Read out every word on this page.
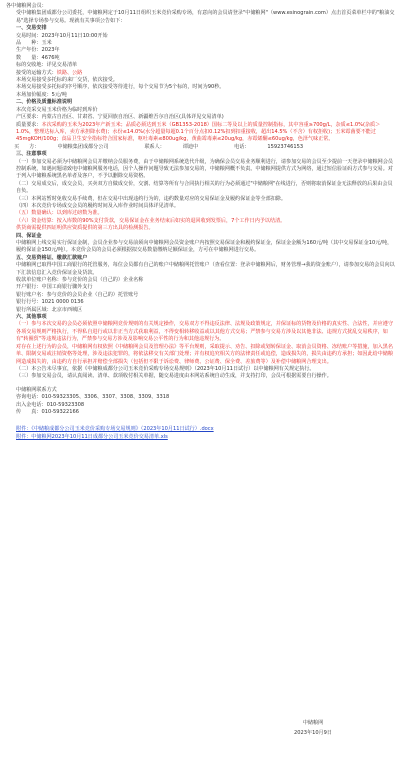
各中储粮网会员：

受中储粮集团成都分公司委托，中储粮网定于10月11日组织玉米竞价采购专场，有意向的会员请登录"中储粮网"（www.esinograin.com）点击首页菜单栏中的"粮油交易"选择专场参与交易。现就有关事项公告如下：

一、交易安排

交易时间： 2023年10月11日10:00开始
品　　种： 玉米
生产年份： 2023年
数　　量： 4676吨
标的交收地： 详见交易清单
接受的运输方式： 铁路、公路

本场交易接受多托标的来厂交货，依次接受。

本场交易接受多托标的序号顺序，依次接受等待进行，每个交易节为5个标的，时间为90秒。

本场加价幅度： 5元/吨

二、价格及质量标准说明

本次竞采交易玉米价格为临时到库价

产区要求：内蒙古自治区、甘肃省、宁夏回族自治区、新疆维吾尔自治区(具体详见交易清单)

质量要求：本次采购的玉米为2023年产新玉米；品质必须达到玉米（GB1353-2018）国标二等及以上的质量控制指标，其中容重≥700g/L，杂质≤1.0%(杂质＞1.0%，整理达标入库，卖方承担降水费)；水份≤14.0%(水分超量每超0.1个百分点扣0.12%扣到扣重接收，超出14.5%（不含）有权拒收)；玉米霉菌要不能过45mgKOH/100g；食品卫生安全指标符合国家标准，呕吐毒素≤800ug/kg，黄曲霉毒素≤20ug/kg，赤霉烯酮≤60ug/kg，色泽气味正常。

买　　方：	中储粮集团成都分公司	联系人：	谭迪中	电话：	15923746153

三、注意事项

（一）参加交易必须为中储粮网会员并缴纳会员服务费，由于中储粮网系统迭代升级，为确保会员交易业务顺利进行，请参加交易的会员至少提前一天登录中储粮网会员控制系统，如遇问题请致电中储粮网服务电话，因个人操作问题导致无法参加交易的，中储粮网概不负责。中储粮网提供方式为网络，通过短信验证码方式参与交易。对于列入中储粮系统黑名单者及客户，不予以删除交易资格。

（二）交易成交后，成交会员，买卖双方自做成交价，交割、结算等所有与合同执行相关的行为必须通过"中储粮网"在线进行，否则将取消保证金无法释放的后果由会员自负。

（三）本网站暂时免收交易手续费，但在交易中出现违约行为的，违约数量对应的交易保证金及履约保证金等全部扣除。

（四）本次竞价专场成交会员的履约时间及入库作业时间具体详见清单。

（五）数量确认：以到库过磅数为准。

（六）资金结算：按入库数的90%支付货款，交易保证金在业务结束后如实的退回收到发票后，7个工作日内予以结清。

供货商需提供四证明供应资质提供的第三方出具的检测报告。

四、保证金

中储粮网上线交易实行保证金制，会员企业参与交易前须向中储粮网会员资金账户内按照交易保证金和履约保证金，保证金金额为160元/吨（其中交易保证金10元/吨，履约保证金150元/吨）。本竞价会员的会员必须根据拟交易数量缴纳足额保证金，方可在中储粮网进行交易。

五、交易资格证、缴款汇款账户

中储粮网已取得中国工商银行的托管服务，每位会员都有自己的账户中储粮网托管账户（查看位置：登录中储粮网后，财务管理→我的资金账户），请参加交易的会员向以下汇款信息汇入竞价保证金及货款。

收款单位账户名称：参与竞价的会员（自己的）企业名称

开户银行：中国工商银行骤外支行

银行账户名：参与竞价的会员企业（自己的）托管账号

银行行号：1021 0000 0136

银行所属区域：北京市西城区

六、其他事项

（一）参与本次交易的会员必须依照中储粮网竞价规则的有关规定操作，交易双方不得违反法律、法规及政策规定，并保证标的货物及价格的真实性、合法性，并应遵守各项交易规则严格执行，不得私自进行或以非正当方式获取利益，不得变相转移收益或以其他方式交易；严禁参与交易方涉及以其他非法、违规方式扰乱交易秩序，如有"转圈贸"等违规违法行为，严禁参与交易方涉及及影响交易公平性的行为和其他违规行为。

对存在上述行为的会员，中储粮网有权依照《中储粮网会员及管理办法》等平台规则，采取提示、劝告、扣除或划转保证金、取消会员资格、冻结账户等措施，加入黑名单、限制交易或注销资格等处理，涉及违法犯罪的，将依法移交有关部门处理；并有权追究相关方的法律责任或追偿，造成损失的，损失由违约方承担；如因此给中储粮网造成损失的，由违约方自行承担并赔偿全部损失（包括但不限于诉讼费、律师费、公证费、保全费、差旅费等）及补偿中储粮网合理支出。

（二）本公告未尽事宜，依据《中储粮成都分公司玉米竞价采购专场交易规则》（2023年10月11日试行）以中储粮网有关规定执行。

（三）参加交易会员，请认真阅读、清单、款项收付相关单据，随交易进度由本网站系统自动生成，并支持打印，会员可根据需要自行操作。

中储粮网联系方式

咨询电话：010-59323305、3306、3307、3308、3309、3318

出入金电话：010-59323308

传　　真：010-59322166

附件：《中储粮成都分公司玉米竞价采购专场交易规则》（2023年10月11日试行）.docx
附件：中储粮网2023年10月11日成都分公司玉米竞价交易清单.xls
中储粮网
2023年10月9日
